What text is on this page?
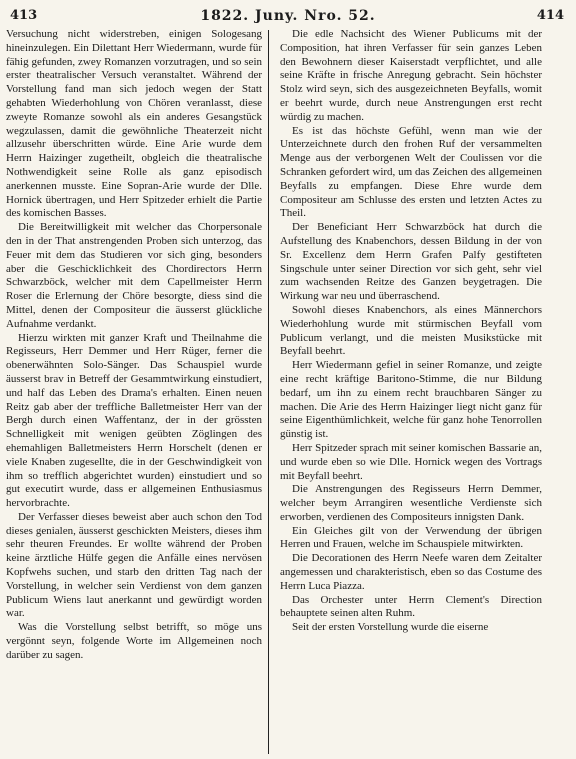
413	1822. Juny. Nro. 52.	414

Versuchung nicht widerstreben, einigen Sologesang hineinzulegen. Ein Dilettant Herr Wiedermann, wurde für fähig gefunden, zwey Romanzen vorzutragen, und so sein erster theatralischer Versuch veranstaltet. Während der Vorstellung fand man sich jedoch wegen der Statt gehabten Wiederhohlung von Chören veranlasst, diese zweyte Romanze sowohl als ein anderes Gesangstück wegzulassen, damit die gewöhnliche Theaterzeit nicht allzusehr überschritten würde. Eine Arie wurde dem Herrn Haizinger zugetheilt, obgleich die theatralische Nothwendigkeit seine Rolle als ganz episodisch anerkennen musste. Eine Sopran-Arie wurde der Dlle. Hornick übertragen, und Herr Spitzeder erhielt die Partie des komischen Basses.

Die Bereitwilligkeit mit welcher das Chorpersonale den in der That anstrengenden Proben sich unterzog, das Feuer mit dem das Studieren vor sich ging, besonders aber die Geschicklichkeit des Chordirectors Herrn Schwarzböck, welcher mit dem Capellmeister Herrn Roser die Erlernung der Chöre besorgte, diess sind die Mittel, denen der Compositeur die äusserst glückliche Aufnahme verdankt.

Hierzu wirkten mit ganzer Kraft und Theilnahme die Regisseurs, Herr Demmer und Herr Rüger, ferner die obenerwähnten Solo-Sänger. Das Schauspiel wurde äusserst brav in Betreff der Gesammtwirkung einstudiert, und half das Leben des Drama's erhalten. Einen neuen Reitz gab aber der treffliche Balletmeister Herr van der Bergh durch einen Waffentanz, der in der grössten Schnelligkeit mit wenigen geübten Zöglingen des ehemahligen Balletmeisters Herrn Horschelt (denen er viele Knaben zugesellte, die in der Geschwindigkeit von ihm so trefflich abgerichtet wurden) einstudiert und so gut executirt wurde, dass er allgemeinen Enthusiasmus hervorbrachte.

Der Verfasser dieses beweist aber auch schon den Tod dieses genialen, äusserst geschickten Meisters, dieses ihm sehr theuren Freundes. Er wollte während der Proben keine ärztliche Hülfe gegen die Anfälle eines nervösen Kopfwehs suchen, und starb den dritten Tag nach der Vorstellung, in welcher sein Verdienst von dem ganzen Publicum Wiens laut anerkannt und gewürdigt worden war.

Was die Vorstellung selbst betrifft, so möge uns vergönnt seyn, folgende Worte im Allgemeinen noch darüber zu sagen.

Die edle Nachsicht des Wiener Publicums mit der Composition, hat ihren Verfasser für sein ganzes Leben den Bewohnern dieser Kaiserstadt verpflichtet, und alle seine Kräfte in frische Anregung gebracht. Sein höchster Stolz wird seyn, sich des ausgezeichneten Beyfalls, womit er beehrt wurde, durch neue Anstrengungen erst recht würdig zu machen.

Es ist das höchste Gefühl, wenn man wie der Unterzeichnete durch den frohen Ruf der versammelten Menge aus der verborgenen Welt der Coulissen vor die Schranken gefordert wird, um das Zeichen des allgemeinen Beyfalls zu empfangen. Diese Ehre wurde dem Compositeur am Schlusse des ersten und letzten Actes zu Theil.

Der Beneficiant Herr Schwarzböck hat durch die Aufstellung des Knabenchors, dessen Bildung in der von Sr. Excellenz dem Herrn Grafen Palfy gestifteten Singschule unter seiner Direction vor sich geht, sehr viel zum wachsenden Reitze des Ganzen beygetragen. Die Wirkung war neu und überraschend.

Sowohl dieses Knabenchors, als eines Männerchors Wiederhohlung wurde mit stürmischen Beyfall vom Publicum verlangt, und die meisten Musikstücke mit Beyfall beehrt.

Herr Wiedermann gefiel in seiner Romanze, und zeigte eine recht kräftige Baritono-Stimme, die nur Bildung bedarf, um ihn zu einem recht brauchbaren Sänger zu machen. Die Arie des Herrn Haizinger liegt nicht ganz für seine Eigenthümlichkeit, welche für ganz hohe Tenorrollen günstig ist.

Herr Spitzeder sprach mit seiner komischen Bassarie an, und wurde eben so wie Dlle. Hornick wegen des Vortrags mit Beyfall beehrt.

Die Anstrengungen des Regisseurs Herrn Demmer, welcher beym Arrangiren wesentliche Verdienste sich erworben, verdienen des Compositeurs innigsten Dank.

Ein Gleiches gilt von der Verwendung der übrigen Herren und Frauen, welche im Schauspiele mitwirkten.

Die Decorationen des Herrn Neefe waren dem Zeitalter angemessen und charakteristisch, eben so das Costume des Herrn Luca Piazza.

Das Orchester unter Herrn Clement's Direction behauptete seinen alten Ruhm.

Seit der ersten Vorstellung wurde die eiserne
